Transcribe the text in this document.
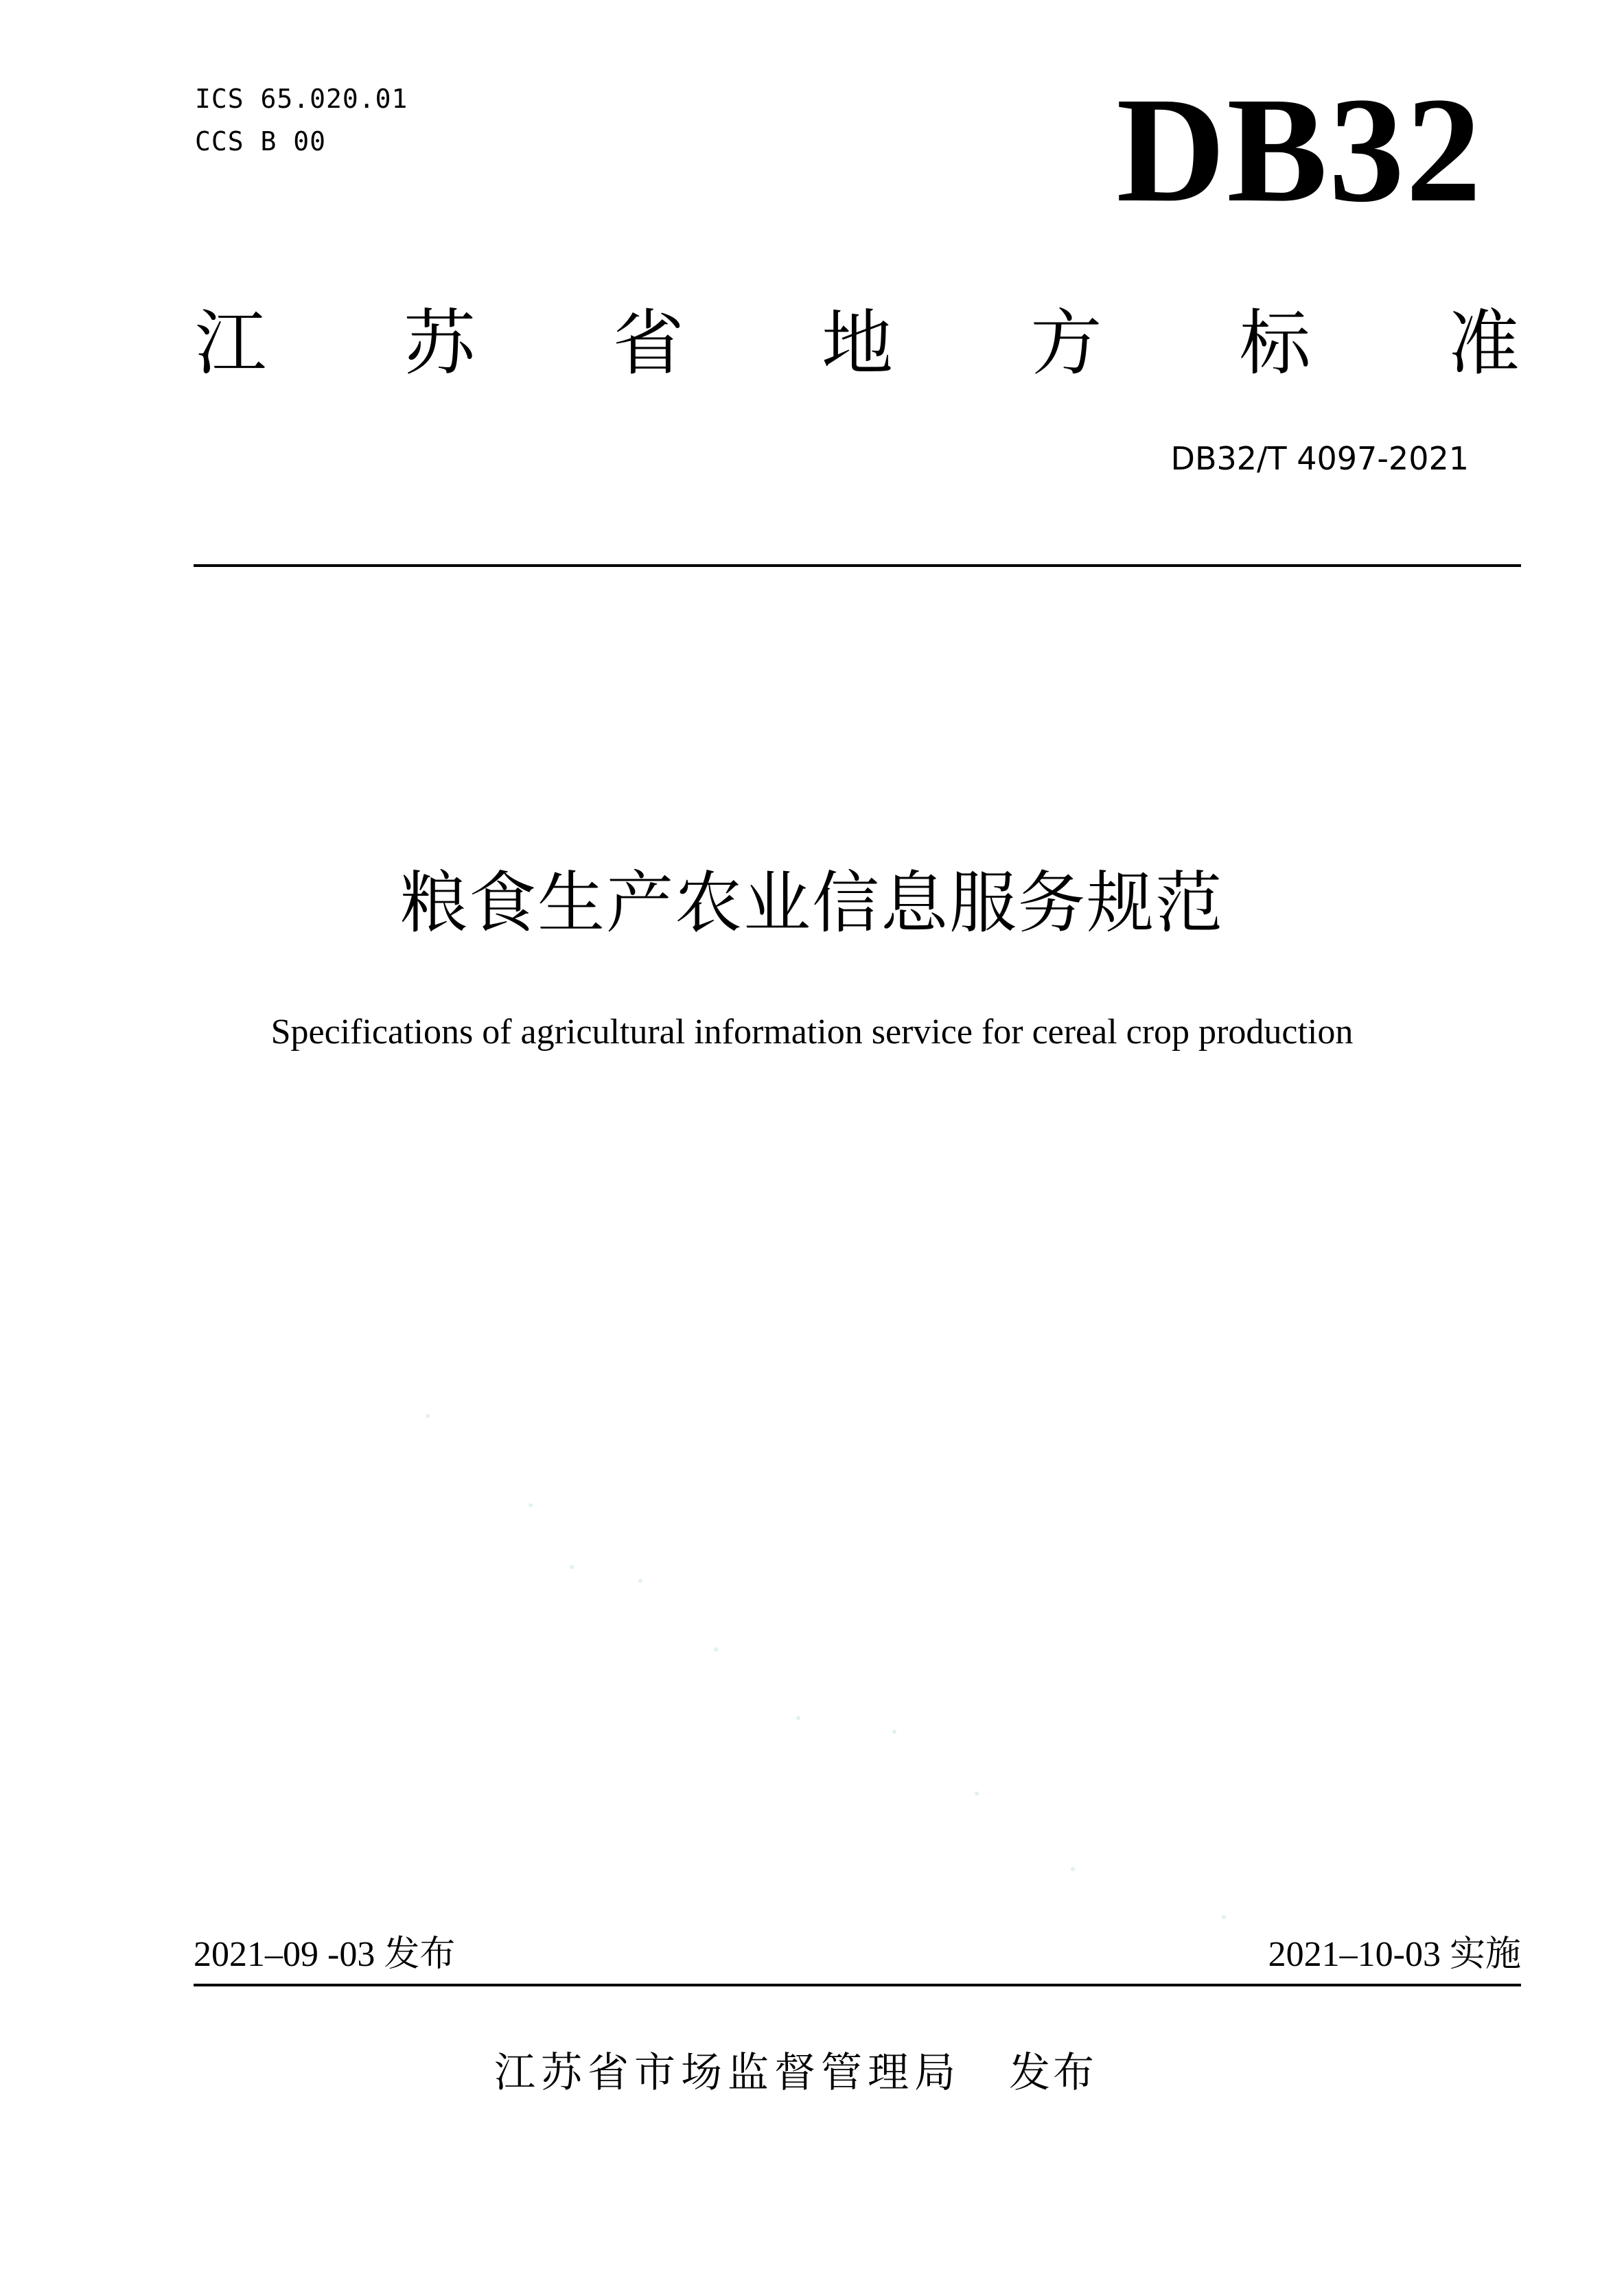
ICS 65.020.01
CCS B 00	DB32
江 苏 省 地 方 标 准
DB32/T 4097-2021
粮食生产农业信息服务规范
Specifications of agricultural information service for cereal crop production
2021–09 -03 发布	2021–10-03 实施
江苏省市场监督管理局 发布
